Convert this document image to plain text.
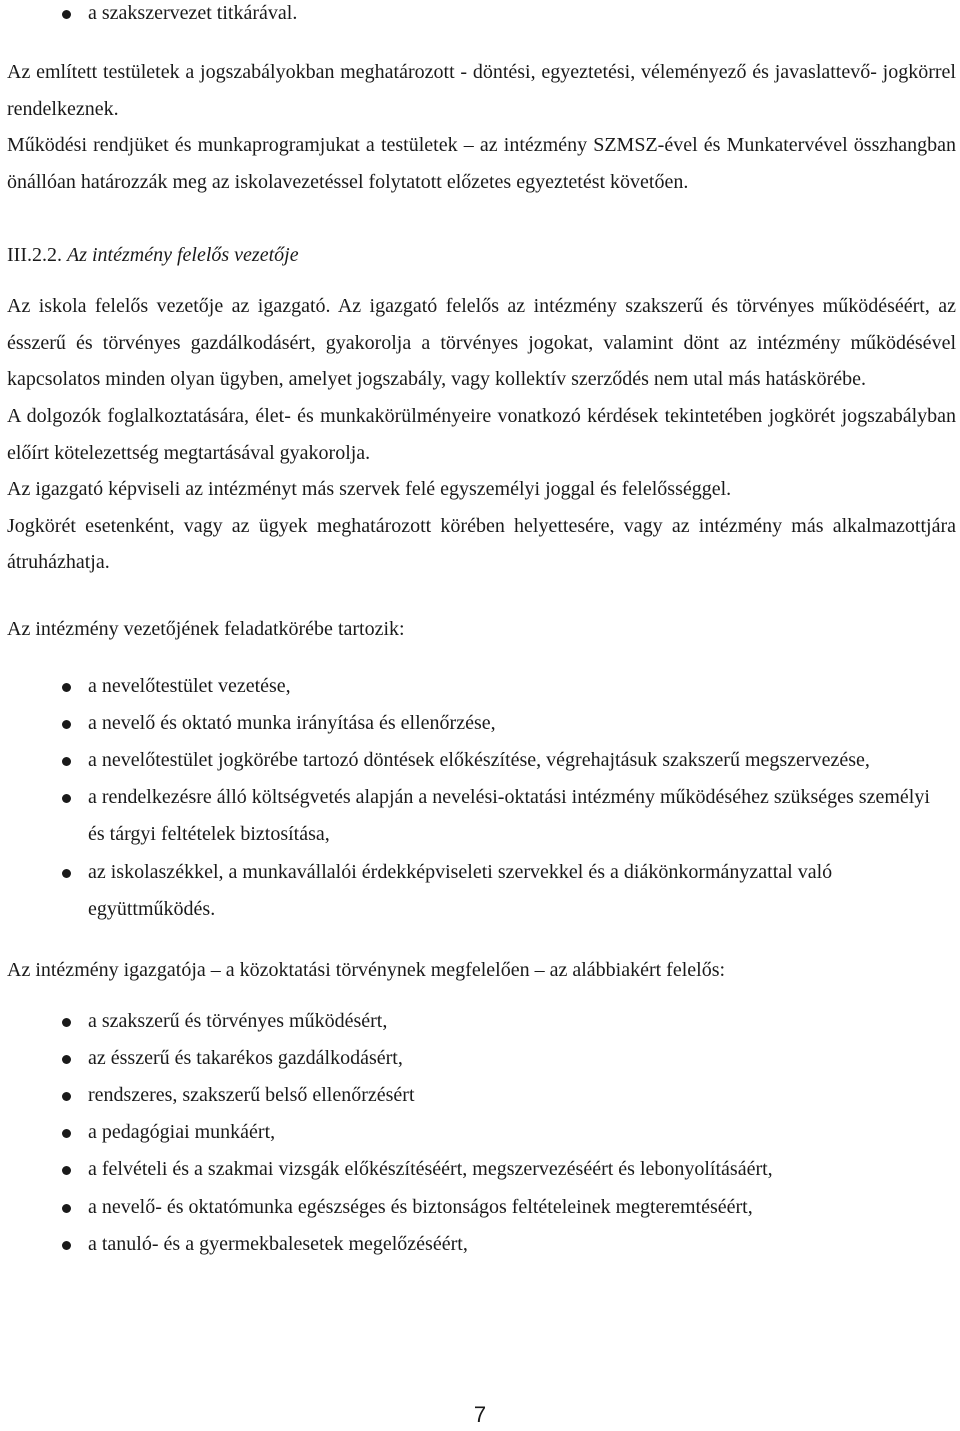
a szakszervezet titkárával.

Az említett testületek a jogszabályokban meghatározott - döntési, egyeztetési, véleményező és javaslattevő- jogkörrel rendelkeznek.

Működési rendjüket és munkaprogramjukat a testületek – az intézmény SZMSZ-ével és Munkatervével összhangban önállóan határozzák meg az iskolavezetéssel folytatott előzetes egyeztetést követően.

III.2.2. Az intézmény felelős vezetője

Az iskola felelős vezetője az igazgató. Az igazgató felelős az intézmény szakszerű és törvényes működéséért, az ésszerű és törvényes gazdálkodásért, gyakorolja a törvényes jogokat, valamint dönt az intézmény működésével kapcsolatos minden olyan ügyben, amelyet jogszabály, vagy kollektív szerződés nem utal más hatáskörébe.

A dolgozók foglalkoztatására, élet- és munkakörülményeire vonatkozó kérdések tekintetében jogkörét jogszabályban előírt kötelezettség megtartásával gyakorolja.

Az igazgató képviseli az intézményt más szervek felé egyszemélyi joggal és felelősséggel.

Jogkörét esetenként, vagy az ügyek meghatározott körében helyettesére, vagy az intézmény más alkalmazottjára átruházhatja.

Az intézmény vezetőjének feladatkörébe tartozik:

a nevelőtestület vezetése,
a nevelő és oktató munka irányítása és ellenőrzése,
a nevelőtestület jogkörébe tartozó döntések előkészítése, végrehajtásuk szakszerű megszervezése,
a rendelkezésre álló költségvetés alapján a nevelési-oktatási intézmény működéséhez szükséges személyi és tárgyi feltételek biztosítása,
az iskolaszékkel, a munkavállalói érdekképviseleti szervekkel és a diákönkormányzattal való együttműködés.

Az intézmény igazgatója – a közoktatási törvénynek megfelelően – az alábbiakért felelős:

a szakszerű és törvényes működésért,
az ésszerű és takarékos gazdálkodásért,
rendszeres, szakszerű belső ellenőrzésért
a pedagógiai munkáért,
a felvételi és a szakmai vizsgák előkészítéséért, megszervezéséért és lebonyolításáért,
a nevelő- és oktatómunka egészséges és biztonságos feltételeinek megteremtéséért,
a tanuló- és a gyermekbalesetek megelőzéséért,
7
